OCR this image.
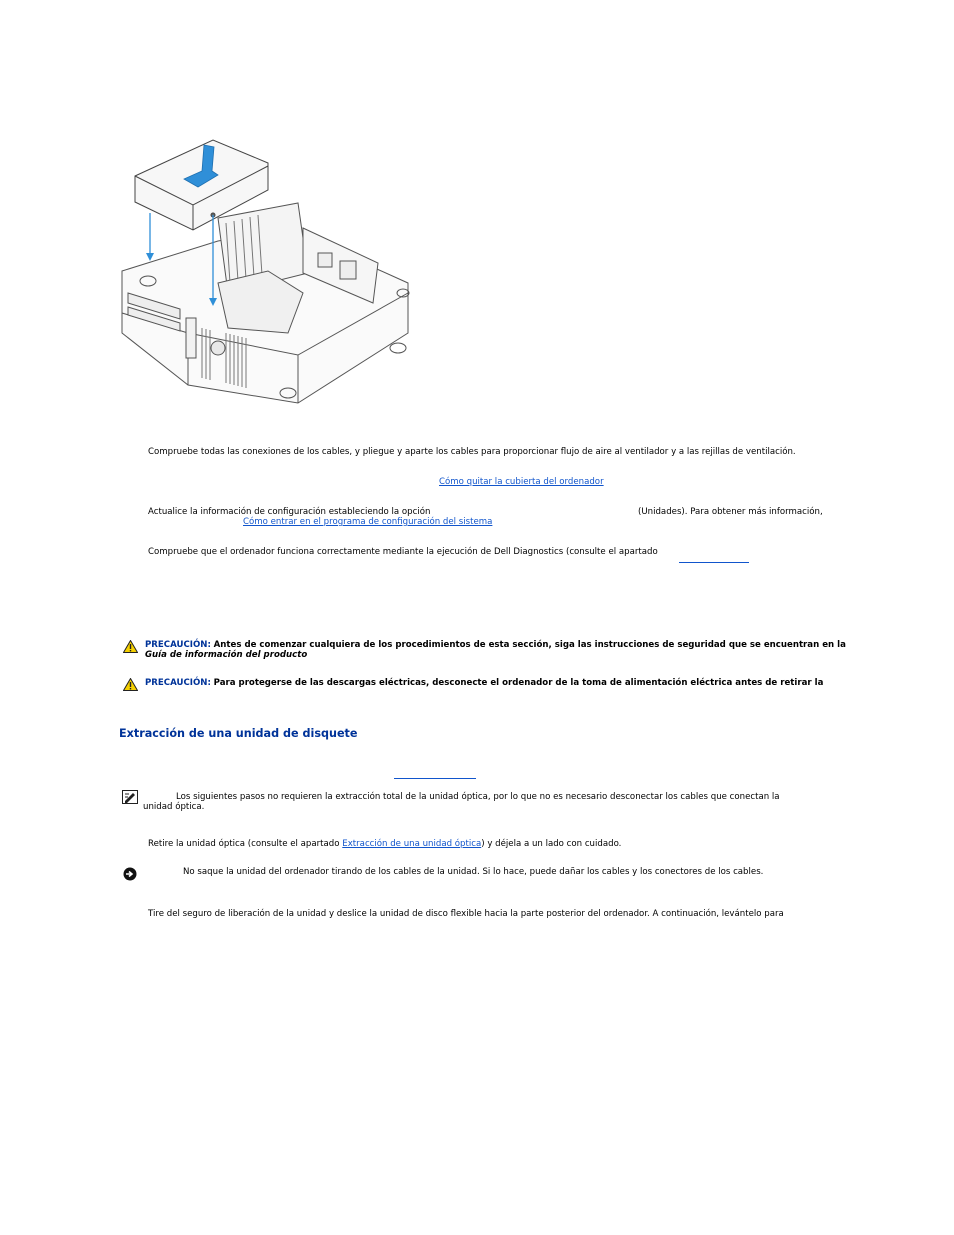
Compruebe todas las conexiones de los cables, y pliegue y aparte los cables para proporcionar flujo de aire al ventilador y a las rejillas de ventilación.
Cómo quitar la cubierta del ordenador
Actualice la información de configuración estableciendo la opción	(Unidades). Para obtener más información,
Cómo entrar en el programa de configuración del sistema
Compruebe que el ordenador funciona correctamente mediante la ejecución de Dell Diagnostics (consulte el apartado
PRECAUCIÓN: Antes de comenzar cualquiera de los procedimientos de esta sección, siga las instrucciones de seguridad que se encuentran en la
Guía de información del producto
PRECAUCIÓN: Para protegerse de las descargas eléctricas, desconecte el ordenador de la toma de alimentación eléctrica antes de retirar la
Extracción de una unidad de disquete
Los siguientes pasos no requieren la extracción total de la unidad óptica, por lo que no es necesario desconectar los cables que conectan la
unidad óptica.
Retire la unidad óptica (consulte el apartado Extracción de una unidad óptica) y déjela a un lado con cuidado.
No saque la unidad del ordenador tirando de los cables de la unidad. Si lo hace, puede dañar los cables y los conectores de los cables.
Tire del seguro de liberación de la unidad y deslice la unidad de disco flexible hacia la parte posterior del ordenador. A continuación, levántelo para
